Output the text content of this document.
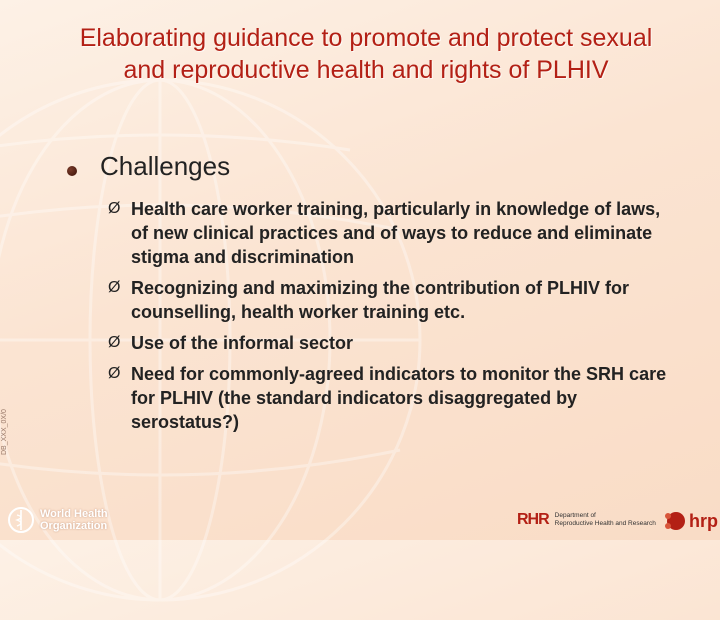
Elaborating guidance to promote and protect sexual and reproductive health and rights of PLHIV
Challenges
Ø Health care worker training, particularly in knowledge of laws, of new clinical practices and of ways to reduce and eliminate stigma and discrimination
Ø Recognizing and maximizing the contribution of PLHIV for counselling, health worker training etc.
Ø Use of the informal sector
Ø Need for commonly-agreed indicators to monitor the SRH care for PLHIV (the standard indicators disaggregated by serostatus?)
DB_XXX_0X/0
World Health
Organization	RHR Department of
Reproductive Health and Research hrp
